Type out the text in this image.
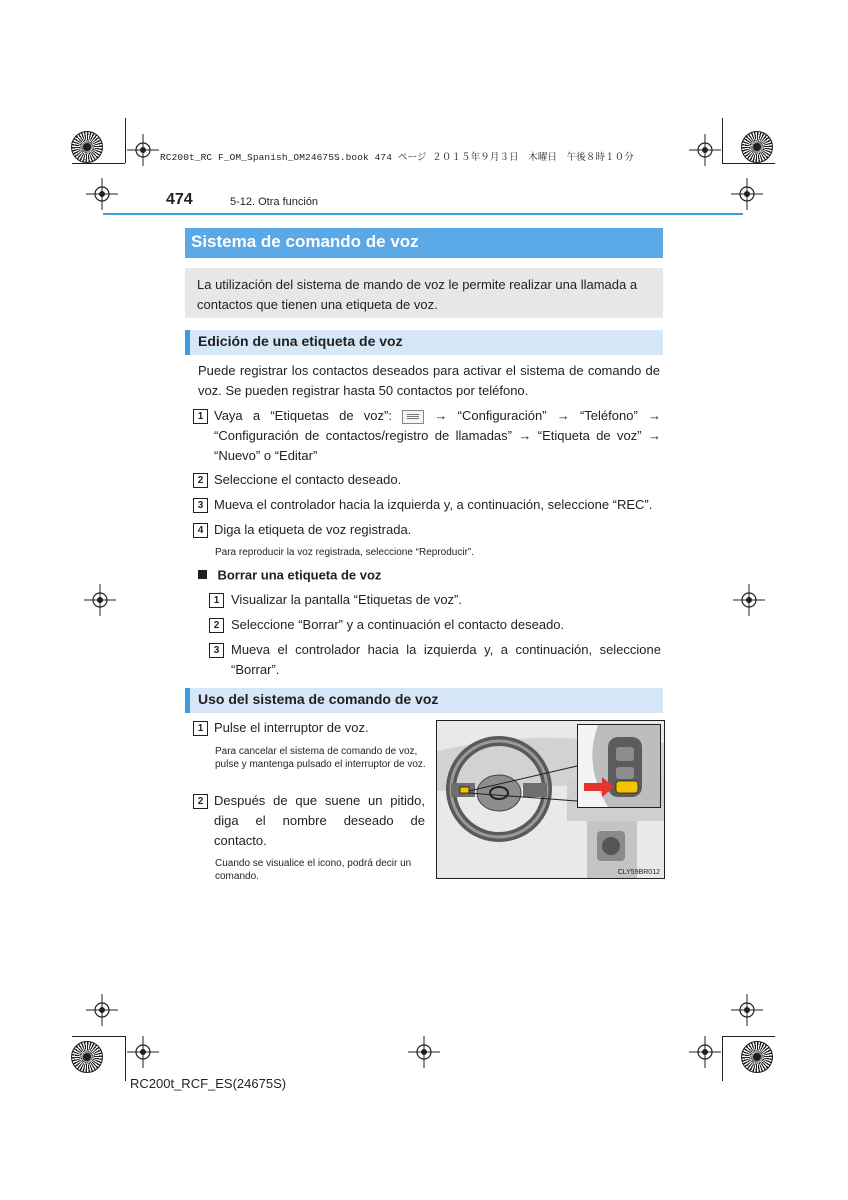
RC200t_RC F_OM_Spanish_OM24675S.book 474 ページ ２０１５年９月３日　木曜日　午後８時１０分
474	5-12. Otra función
Sistema de comando de voz

La utilización del sistema de mando de voz le permite realizar una llamada a contactos que tienen una etiqueta de voz.

Edición de una etiqueta de voz
Puede registrar los contactos deseados para activar el sistema de comando de voz. Se pueden registrar hasta 50 contactos por teléfono.
1 Vaya a “Etiquetas de voz”:	→ “Configuración” → “Teléfono” → “Configuración de contactos/registro de llamadas” → “Etiqueta de voz” → “Nuevo” o “Editar”
2 Seleccione el contacto deseado.
3 Mueva el controlador hacia la izquierda y, a continuación, seleccione “REC”.
4 Diga la etiqueta de voz registrada.
Para reproducir la voz registrada, seleccione “Reproducir”.
Borrar una etiqueta de voz
1 Visualizar la pantalla “Etiquetas de voz”.
2 Seleccione “Borrar” y a continuación el contacto deseado.
3 Mueva el controlador hacia la izquierda y, a continuación, seleccione “Borrar”.
Uso del sistema de comando de voz
1 Pulse el interruptor de voz.
Para cancelar el sistema de comando de voz, pulse y mantenga pulsado el interruptor de voz.
2 Después de que suene un pitido, diga el nombre deseado de contacto.
Cuando se visualice el icono, podrá decir un comando.	CLY59BR012
RC200t_RCF_ES(24675S)
